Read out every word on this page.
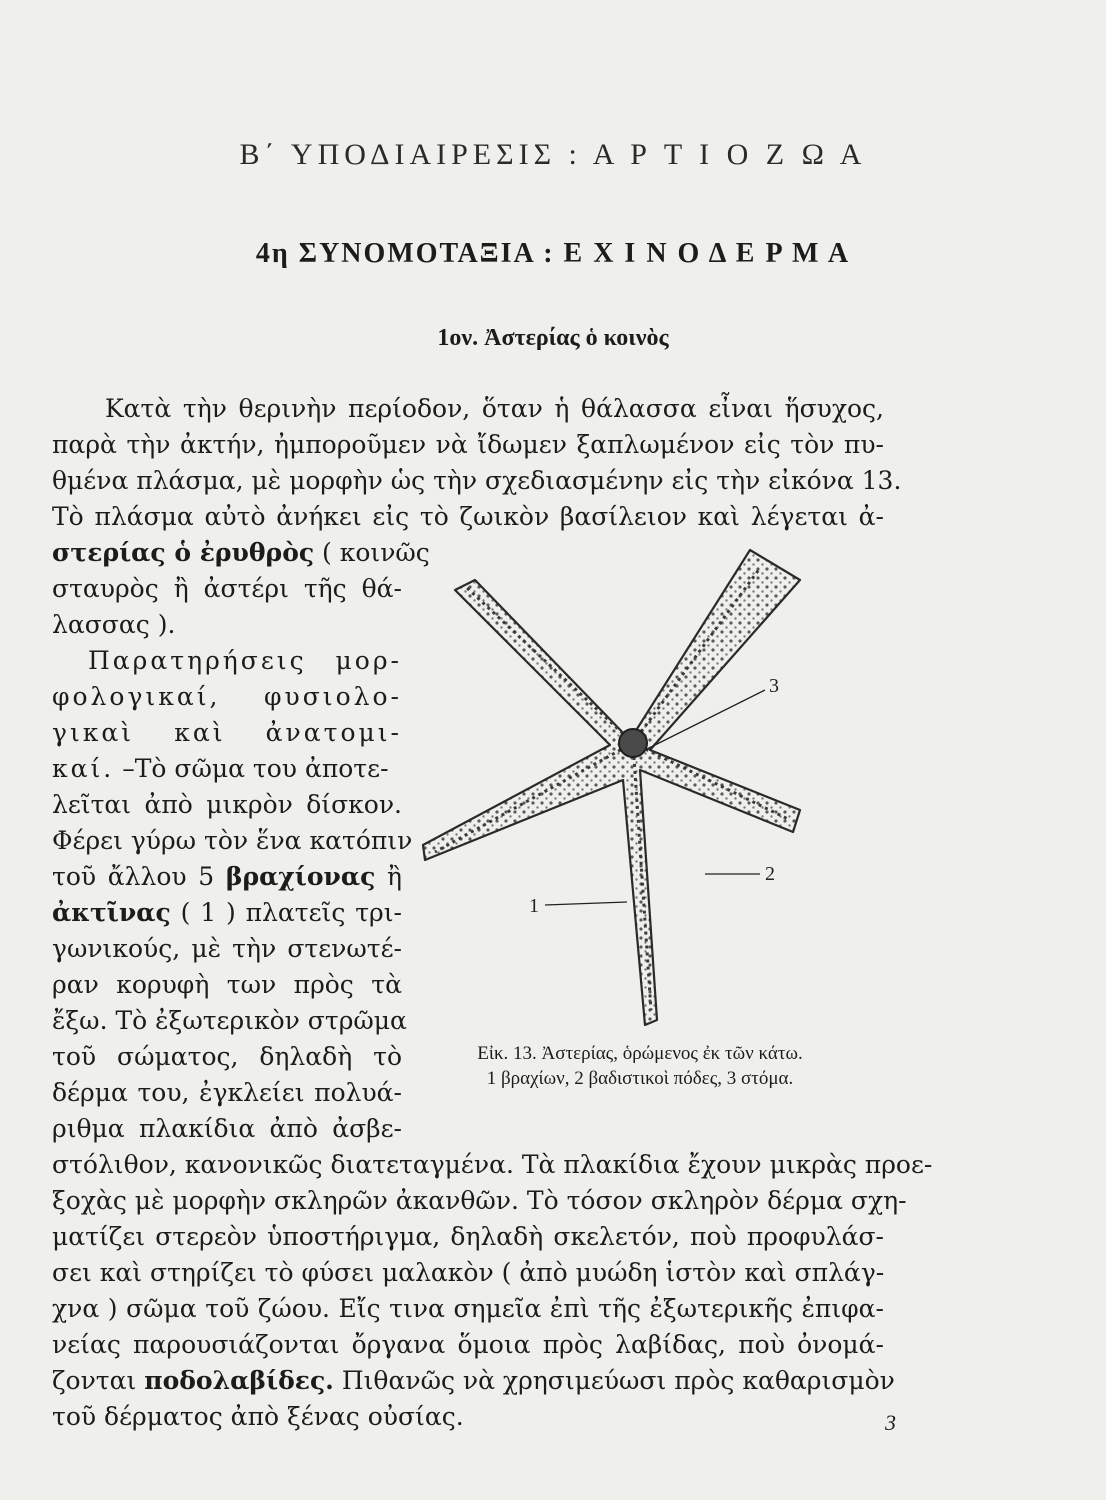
Β΄ ΥΠΟΔΙΑΙΡΕΣΙΣ : Α Ρ Τ Ι Ο Ζ Ω Α
4η ΣΥΝΟΜΟΤΑΞΙΑ : Ε Χ Ι Ν Ο Δ Ε Ρ Μ Α
1ον. Ἀστερίας ὁ κοινὸς
Κατὰ τὴν θερινὴν περίοδον, ὅταν ἡ θάλασσα εἶναι ἥσυχος,
παρὰ τὴν ἀκτήν, ἠμποροῦμεν νὰ ἴδωμεν ξαπλωμένον εἰς τὸν πυ-
θμένα πλάσμα, μὲ μορφὴν ὡς τὴν σχεδιασμένην εἰς τὴν εἰκόνα 13.
Τὸ πλάσμα αὐτὸ ἀνήκει εἰς τὸ ζωικὸν βασίλειον καὶ λέγεται ἀ-
στερίας ὁ ἐρυθρὸς ( κοινῶς
σταυρὸς ἢ ἀστέρι τῆς θά-
λασσας ).
Παρατηρήσεις μορ-
φολογικαί, φυσιολο-
γικαὶ καὶ ἀνατομι-
καί. –Τὸ σῶμα του ἀποτε-
λεῖται ἀπὸ μικρὸν δίσκον.
Φέρει γύρω τὸν ἕνα κατόπιν
τοῦ ἄλλου 5 βραχίονας ἢ
ἀκτῖνας ( 1 ) πλατεῖς τρι-
γωνικούς, μὲ τὴν στενωτέ-
ραν κορυφὴ των πρὸς τὰ
ἔξω. Τὸ ἐξωτερικὸν στρῶμα
τοῦ σώματος, δηλαδὴ τὸ
δέρμα του, ἐγκλείει πολυά-
ριθμα πλακίδια ἀπὸ ἀσβε-
στόλιθον, κανονικῶς διατεταγμένα. Τὰ πλακίδια ἔχουν μικρὰς προε-
ξοχὰς μὲ μορφὴν σκληρῶν ἀκανθῶν. Τὸ τόσον σκληρὸν δέρμα σχη-
ματίζει στερεὸν ὑποστήριγμα, δηλαδὴ σκελετόν, ποὺ προφυλάσ-
σει καὶ στηρίζει τὸ φύσει μαλακὸν ( ἀπὸ μυώδη ἱστὸν καὶ σπλάγ-
χνα ) σῶμα τοῦ ζώου. Εἴς τινα σημεῖα ἐπὶ τῆς ἐξωτερικῆς ἐπιφα-
νείας παρουσιάζονται ὄργανα ὅμοια πρὸς λαβίδας, ποὺ ὀνομά-
ζονται ποδολαβίδες. Πιθανῶς νὰ χρησιμεύωσι πρὸς καθαρισμὸν
τοῦ δέρματος ἀπὸ ξένας οὐσίας.
3
2
1
Εἰκ. 13. Ἀστερίας, ὁρώμενος ἐκ τῶν κάτω.
1 βραχίων, 2 βαδιστικοὶ πόδες, 3 στόμα.
3
